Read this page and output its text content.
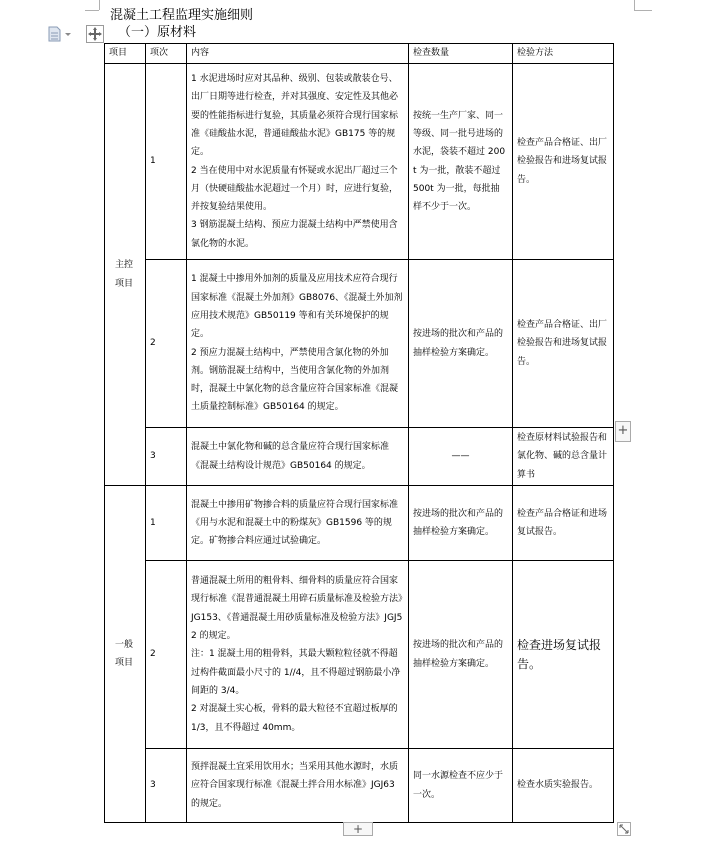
混凝土工程监理实施细则
（一）原材料
项目	项次	内容	检查数量	检验方法
主控项目	1	1 水泥进场时应对其品种、级别、包装或散装仓号、出厂日期等进行检查，并对其强度、安定性及其他必要的性能指标进行复验，其质量必须符合现行国家标准《硅酸盐水泥，普通硅酸盐水泥》GB175 等的规定。
2 当在使用中对水泥质量有怀疑或水泥出厂超过三个月（快硬硅酸盐水泥超过一个月）时，应进行复验，并按复验结果使用。
3 钢筋混凝土结构、预应力混凝土结构中严禁使用含氯化物的水泥。	按统一生产厂家、同一等级、同一批号进场的水泥，袋装不超过 200t 为一批，散装不超过 500t 为一批，每批抽样不少于一次。	检查产品合格证、出厂检验报告和进场复试报告。
	2	1 混凝土中掺用外加剂的质量及应用技术应符合现行国家标准《混凝土外加剂》GB8076、《混凝土外加剂应用技术规范》GB50119 等和有关环境保护的规定。
2 预应力混凝土结构中，严禁使用含氯化物的外加剂。钢筋混凝土结构中，当使用含氯化物的外加剂时，混凝土中氯化物的总含量应符合国家标准《混凝土质量控制标准》GB50164 的规定。	按进场的批次和产品的抽样检验方案确定。	检查产品合格证、出厂检验报告和进场复试报告。
	3	混凝土中氯化物和碱的总含量应符合现行国家标准《混凝土结构设计规范》GB50164 的规定。	——	检查原材料试验报告和氯化物、碱的总含量计算书
一般项目	1	混凝土中掺用矿物掺合料的质量应符合现行国家标准《用与水泥和混凝土中的粉煤灰》GB1596 等的规定。矿物掺合料应通过试验确定。	按进场的批次和产品的抽样检验方案确定。	检查产品合格证和进场复试报告。
	2	普通混凝土所用的粗骨料、细骨料的质量应符合国家现行标准《混普通混凝土用碎石质量标准及检验方法》JG153、《普通混凝土用砂质量标准及检验方法》JGJ52 的规定。
注：1 混凝土用的粗骨料，其最大颗粒粒径就不得超过构件截面最小尺寸的 1//4，且不得超过钢筋最小净间距的 3/4。
2 对混凝土实心板，骨料的最大粒径不宜超过板厚的 1/3，且不得超过 40mm。	按进场的批次和产品的抽样检验方案确定。	检查进场复试报告。
	3	预拌混凝土宜采用饮用水；当采用其他水源时，水质应符合国家现行标准《混凝土拌合用水标准》JGJ63 的规定。	同一水源检查不应少于一次。	检查水质实验报告。
+
+
